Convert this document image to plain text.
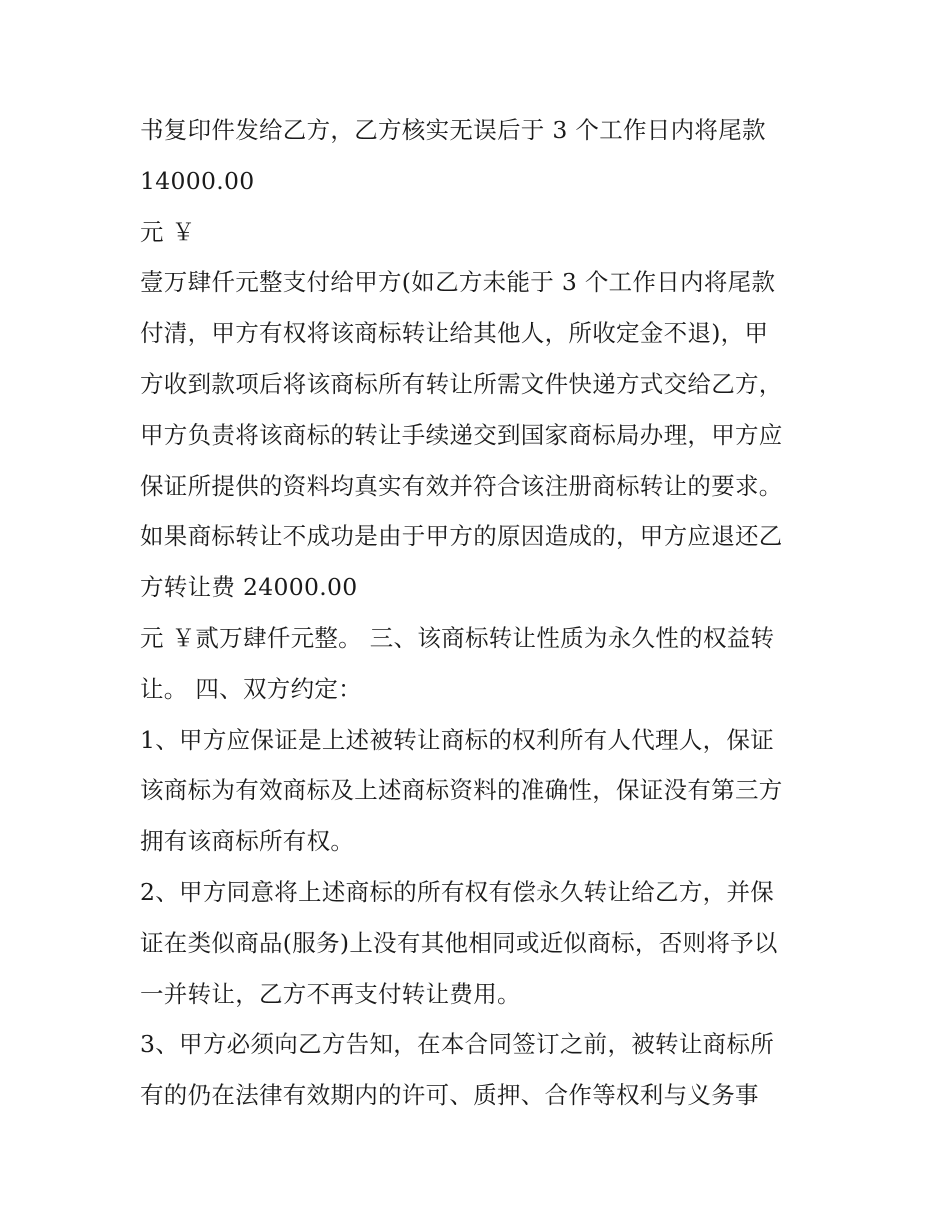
书复印件发给乙方，乙方核实无误后于 3 个工作日内将尾款
14000.00
元 ￥
壹万肆仟元整支付给甲方(如乙方未能于 3 个工作日内将尾款
付清，甲方有权将该商标转让给其他人，所收定金不退)，甲
方收到款项后将该商标所有转让所需文件快递方式交给乙方，
甲方负责将该商标的转让手续递交到国家商标局办理，甲方应
保证所提供的资料均真实有效并符合该注册商标转让的要求。
如果商标转让不成功是由于甲方的原因造成的，甲方应退还乙
方转让费 24000.00
元 ￥贰万肆仟元整。 三、该商标转让性质为永久性的权益转
让。 四、双方约定：
1、甲方应保证是上述被转让商标的权利所有人代理人，保证
该商标为有效商标及上述商标资料的准确性，保证没有第三方
拥有该商标所有权。
2、甲方同意将上述商标的所有权有偿永久转让给乙方，并保
证在类似商品(服务)上没有其他相同或近似商标，否则将予以
一并转让，乙方不再支付转让费用。
3、甲方必须向乙方告知，在本合同签订之前，被转让商标所
有的仍在法律有效期内的许可、质押、合作等权利与义务事
